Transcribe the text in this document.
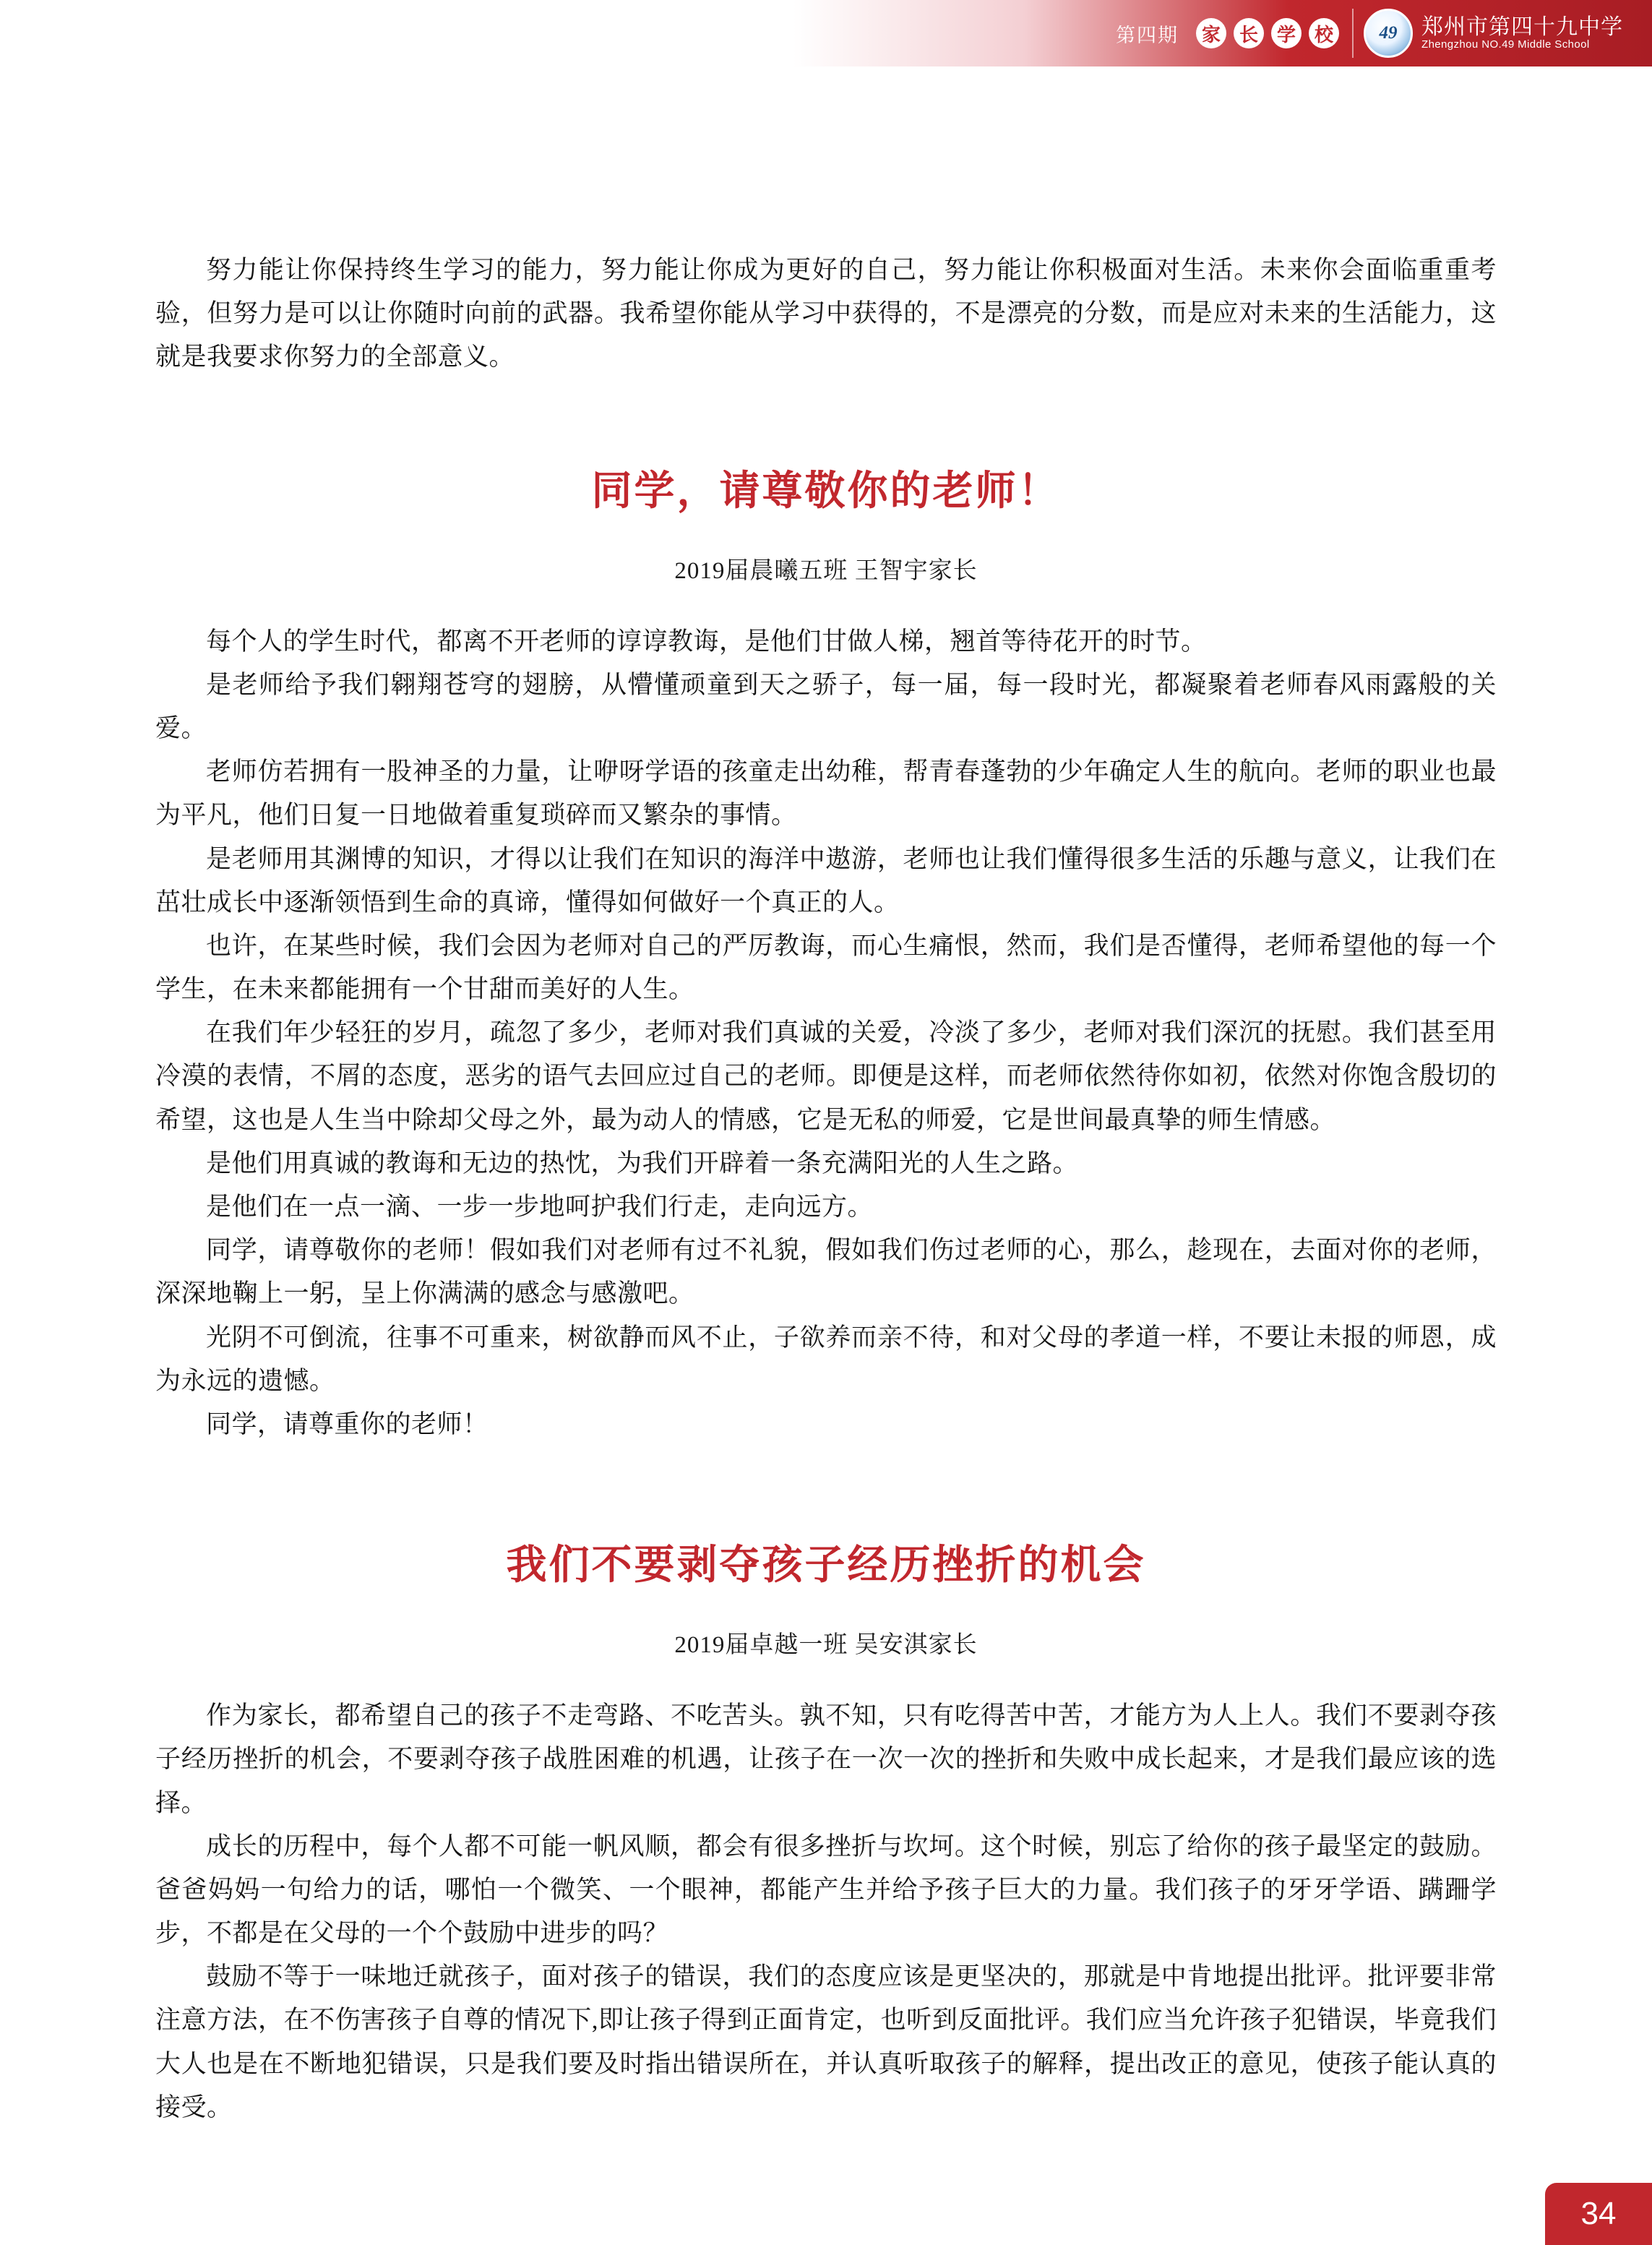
第四期	家 长 学 校	49	郑州市第四十九中学
Zhengzhou NO.49 Middle School

努力能让你保持终生学习的能力，努力能让你成为更好的自己，努力能让你积极面对生活。未来你会面临重重考验，但努力是可以让你随时向前的武器。我希望你能从学习中获得的，不是漂亮的分数，而是应对未来的生活能力，这就是我要求你努力的全部意义。

同学，请尊敬你的老师！
2019届晨曦五班 王智宇家长

每个人的学生时代，都离不开老师的谆谆教诲，是他们甘做人梯，翘首等待花开的时节。

是老师给予我们翱翔苍穹的翅膀，从懵懂顽童到天之骄子，每一届，每一段时光，都凝聚着老师春风雨露般的关爱。

老师仿若拥有一股神圣的力量，让咿呀学语的孩童走出幼稚，帮青春蓬勃的少年确定人生的航向。老师的职业也最为平凡，他们日复一日地做着重复琐碎而又繁杂的事情。

是老师用其渊博的知识，才得以让我们在知识的海洋中遨游，老师也让我们懂得很多生活的乐趣与意义，让我们在茁壮成长中逐渐领悟到生命的真谛，懂得如何做好一个真正的人。

也许，在某些时候，我们会因为老师对自己的严厉教诲，而心生痛恨，然而，我们是否懂得，老师希望他的每一个学生，在未来都能拥有一个甘甜而美好的人生。

在我们年少轻狂的岁月，疏忽了多少，老师对我们真诚的关爱，冷淡了多少，老师对我们深沉的抚慰。我们甚至用冷漠的表情，不屑的态度，恶劣的语气去回应过自己的老师。即便是这样，而老师依然待你如初，依然对你饱含殷切的希望，这也是人生当中除却父母之外，最为动人的情感，它是无私的师爱，它是世间最真挚的师生情感。

是他们用真诚的教诲和无边的热忱，为我们开辟着一条充满阳光的人生之路。

是他们在一点一滴、一步一步地呵护我们行走，走向远方。

同学，请尊敬你的老师！假如我们对老师有过不礼貌，假如我们伤过老师的心，那么，趁现在，去面对你的老师，深深地鞠上一躬，呈上你满满的感念与感激吧。

光阴不可倒流，往事不可重来，树欲静而风不止，子欲养而亲不待，和对父母的孝道一样，不要让未报的师恩，成为永远的遗憾。

同学，请尊重你的老师！

我们不要剥夺孩子经历挫折的机会
2019届卓越一班 吴安淇家长

作为家长，都希望自己的孩子不走弯路、不吃苦头。孰不知，只有吃得苦中苦，才能方为人上人。我们不要剥夺孩子经历挫折的机会，不要剥夺孩子战胜困难的机遇，让孩子在一次一次的挫折和失败中成长起来，才是我们最应该的选择。

成长的历程中，每个人都不可能一帆风顺，都会有很多挫折与坎坷。这个时候，别忘了给你的孩子最坚定的鼓励。爸爸妈妈一句给力的话，哪怕一个微笑、一个眼神，都能产生并给予孩子巨大的力量。我们孩子的牙牙学语、蹒跚学步，不都是在父母的一个个鼓励中进步的吗？

鼓励不等于一味地迁就孩子，面对孩子的错误，我们的态度应该是更坚决的，那就是中肯地提出批评。批评要非常注意方法，在不伤害孩子自尊的情况下,即让孩子得到正面肯定，也听到反面批评。我们应当允许孩子犯错误，毕竟我们大人也是在不断地犯错误，只是我们要及时指出错误所在，并认真听取孩子的解释，提出改正的意见，使孩子能认真的接受。

34
